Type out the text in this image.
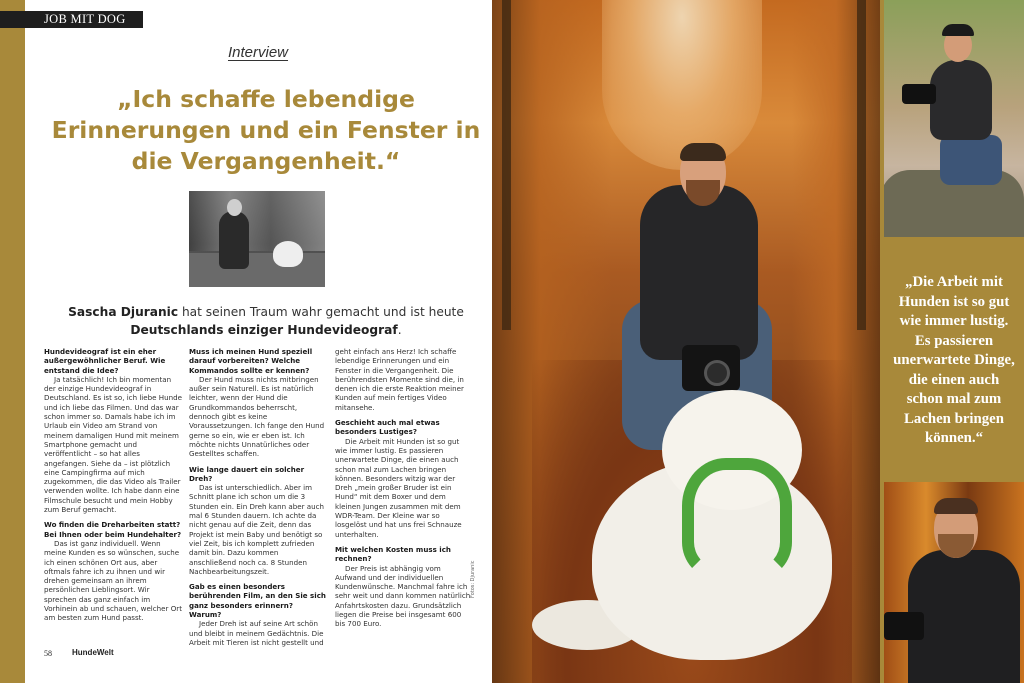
JOB MIT DOG
Interview
„Ich schaffe lebendige Erinnerungen und ein Fenster in die Vergangenheit.“
Sascha Djuranic hat seinen Traum wahr gemacht und ist heute Deutschlands einziger Hundevideograf.
Hundevideograf ist ein eher außergewöhnlicher Beruf. Wie entstand die Idee?
Ja tatsächlich! Ich bin momentan der einzige Hundevideograf in Deutschland. Es ist so, ich liebe Hunde und ich liebe das Filmen. Und das war schon immer so. Damals habe ich im Urlaub ein Video am Strand von meinem damaligen Hund mit meinem Smartphone gemacht und veröffentlicht – so hat alles angefangen. Siehe da – ist plötzlich eine Campingfirma auf mich zugekommen, die das Video als Trailer verwenden wollte. Ich habe dann eine Filmschule besucht und mein Hobby zum Beruf gemacht.
Wo finden die Dreharbeiten statt? Bei Ihnen oder beim Hundehalter?
Das ist ganz individuell. Wenn meine Kunden es so wünschen, suche ich einen schönen Ort aus, aber oftmals fahre ich zu ihnen und wir drehen gemeinsam an ihrem persönlichen Lieblingsort. Wir sprechen das ganz einfach im Vorhinein ab und schauen, welcher Ort am besten zum Hund passt.
Muss ich meinen Hund speziell darauf vorbereiten? Welche Kommandos sollte er kennen?
Der Hund muss nichts mitbringen außer sein Naturell. Es ist natürlich leichter, wenn der Hund die Grundkommandos beherrscht, dennoch gibt es keine Voraussetzungen. Ich fange den Hund gerne so ein, wie er eben ist. Ich möchte nichts Unnatürliches oder Gestelltes schaffen.
Wie lange dauert ein solcher Dreh?
Das ist unterschiedlich. Aber im Schnitt plane ich schon um die 3 Stunden ein. Ein Dreh kann aber auch mal 6 Stunden dauern. Ich achte da nicht genau auf die Zeit, denn das Projekt ist mein Baby und benötigt so viel Zeit, bis ich komplett zufrieden damit bin. Dazu kommen anschließend noch ca. 8 Stunden Nachbearbeitungszeit.
Gab es einen besonders berührenden Film, an den Sie sich ganz besonders erinnern? Warum?
Jeder Dreh ist auf seine Art schön und bleibt in meinem Gedächtnis. Die Arbeit mit Tieren ist nicht gestellt und
geht einfach ans Herz! Ich schaffe lebendige Erinnerungen und ein Fenster in die Vergangenheit. Die berührendsten Momente sind die, in denen ich die erste Reaktion meiner Kunden auf mein fertiges Video mitansehe.
Geschieht auch mal etwas besonders Lustiges?
Die Arbeit mit Hunden ist so gut wie immer lustig. Es passieren unerwartete Dinge, die einen auch schon mal zum Lachen bringen können. Besonders witzig war der Dreh „mein großer Bruder ist ein Hund“ mit dem Boxer und dem kleinen Jungen zusammen mit dem WDR-Team. Der Kleine war so losgelöst und hat uns frei Schnauze unterhalten.
Mit welchen Kosten muss ich rechnen?
Der Preis ist abhängig vom Aufwand und der individuellen Kundenwünsche. Manchmal fahre ich sehr weit und dann kommen natürlich Anfahrtskosten dazu. Grundsätzlich liegen die Preise bei insgesamt 600 bis 700 Euro.
Fotos: Djuranic
58	HundeWelt
„Die Arbeit mit Hunden ist so gut wie immer lustig. Es passieren unerwartete Dinge, die einen auch schon mal zum Lachen bringen können.“
